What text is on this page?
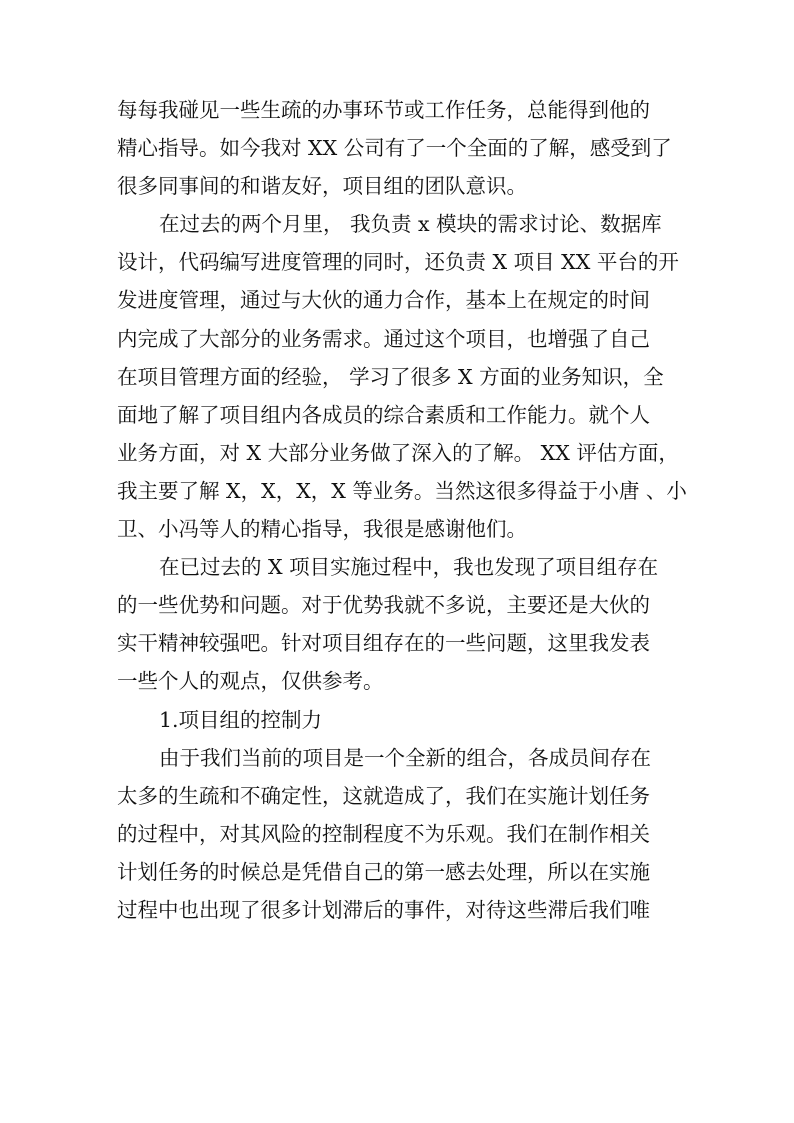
每每我碰见一些生疏的办事环节或工作任务，总能得到他的
精心指导。如今我对 XX 公司有了一个全面的了解，感受到了
很多同事间的和谐友好，项目组的团队意识。
在过去的两个月里， 我负责 x 模块的需求讨论、数据库
设计，代码编写进度管理的同时，还负责 X 项目 XX 平台的开
发进度管理，通过与大伙的通力合作，基本上在规定的时间
内完成了大部分的业务需求。通过这个项目，也增强了自己
在项目管理方面的经验， 学习了很多 X 方面的业务知识，全
面地了解了项目组内各成员的综合素质和工作能力。就个人
业务方面，对 X 大部分业务做了深入的了解。 XX 评估方面，
我主要了解 X，X，X，X 等业务。当然这很多得益于小唐 、小
卫、小冯等人的精心指导，我很是感谢他们。
在已过去的 X 项目实施过程中，我也发现了项目组存在
的一些优势和问题。对于优势我就不多说，主要还是大伙的
实干精神较强吧。针对项目组存在的一些问题，这里我发表
一些个人的观点，仅供参考。
1.项目组的控制力
由于我们当前的项目是一个全新的组合，各成员间存在
太多的生疏和不确定性，这就造成了，我们在实施计划任务
的过程中，对其风险的控制程度不为乐观。我们在制作相关
计划任务的时候总是凭借自己的第一感去处理，所以在实施
过程中也出现了很多计划滞后的事件，对待这些滞后我们唯
